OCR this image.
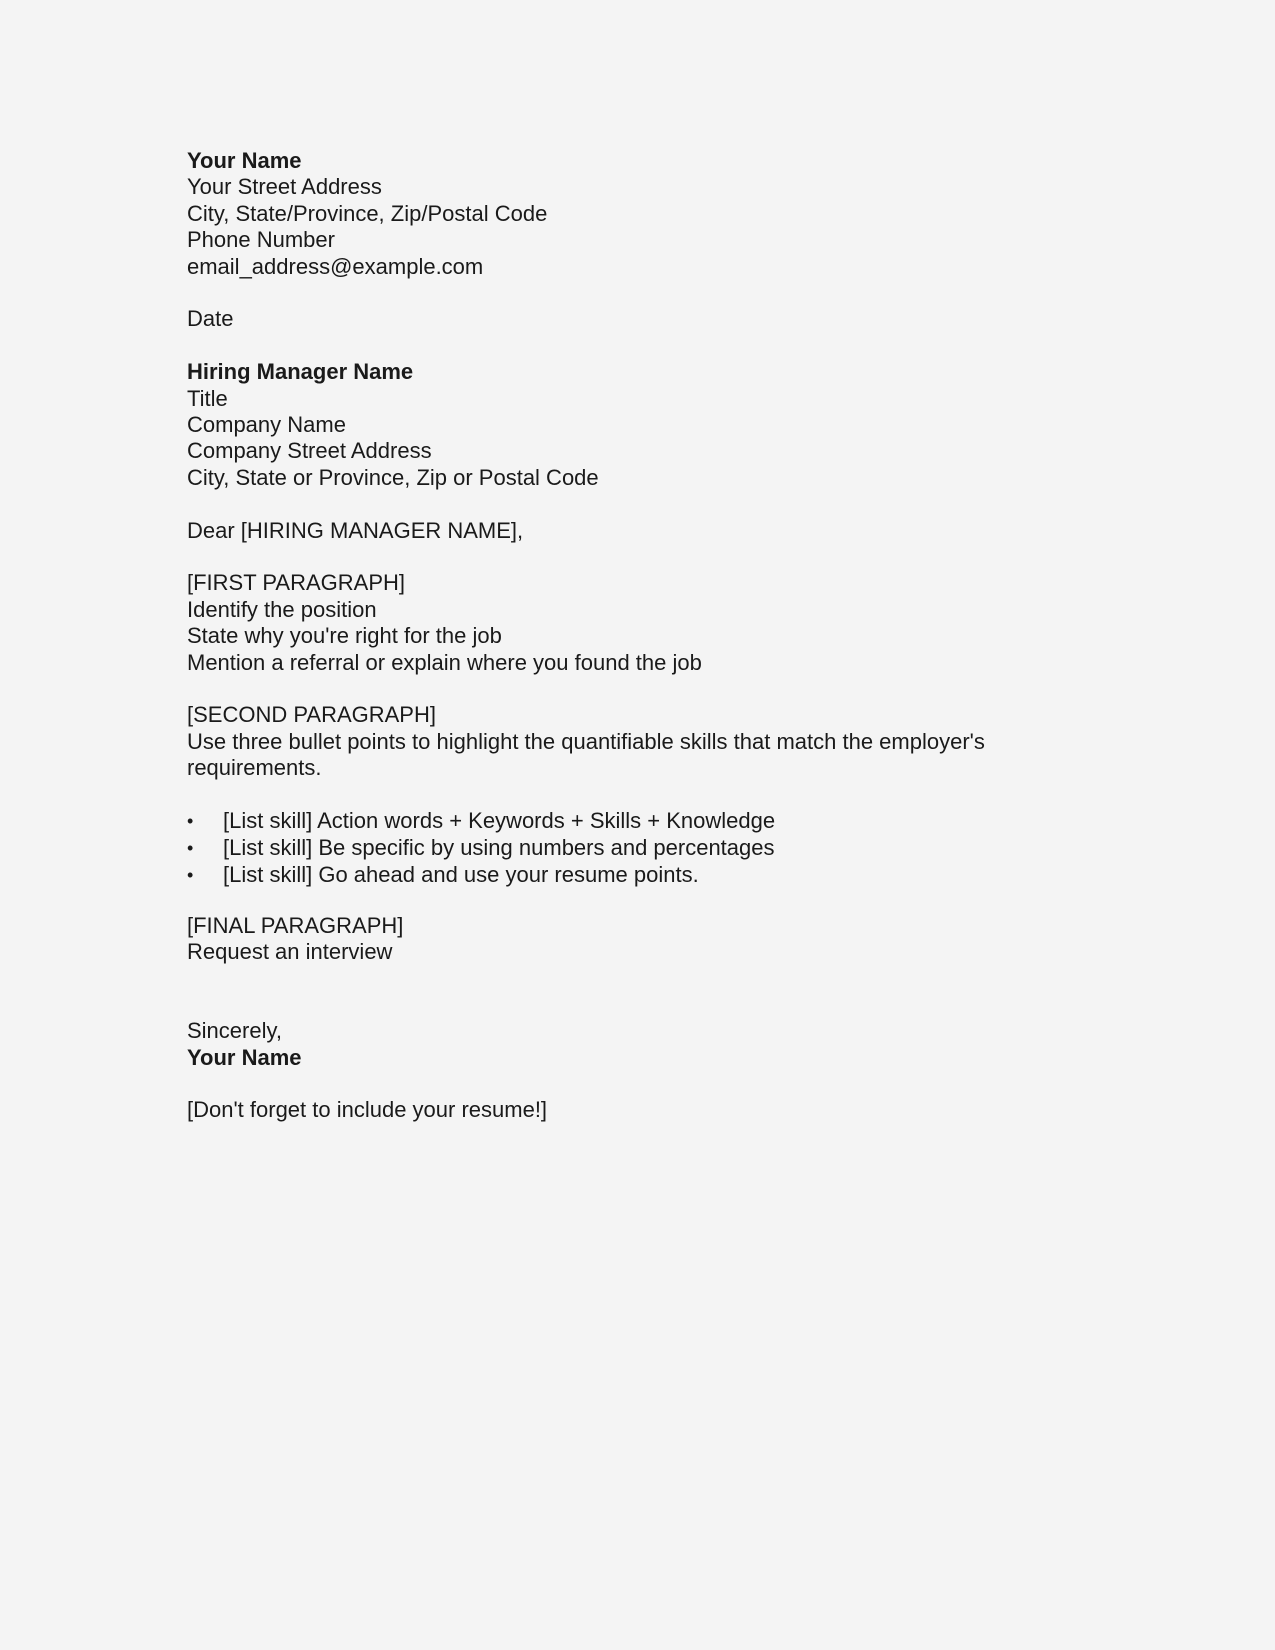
Your Name
Your Street Address
City, State/Province, Zip/Postal Code
Phone Number
email_address@example.com
Date
Hiring Manager Name
Title
Company Name
Company Street Address
City, State or Province, Zip or Postal Code
Dear [HIRING MANAGER NAME],
[FIRST PARAGRAPH]
Identify the position
State why you're right for the job
Mention a referral or explain where you found the job
[SECOND PARAGRAPH]
Use three bullet points to highlight the quantifiable skills that match the employer's requirements.
• [List skill] Action words + Keywords + Skills + Knowledge
• [List skill] Be specific by using numbers and percentages
• [List skill] Go ahead and use your resume points.
[FINAL PARAGRAPH]
Request an interview
Sincerely,
Your Name
[Don't forget to include your resume!]
